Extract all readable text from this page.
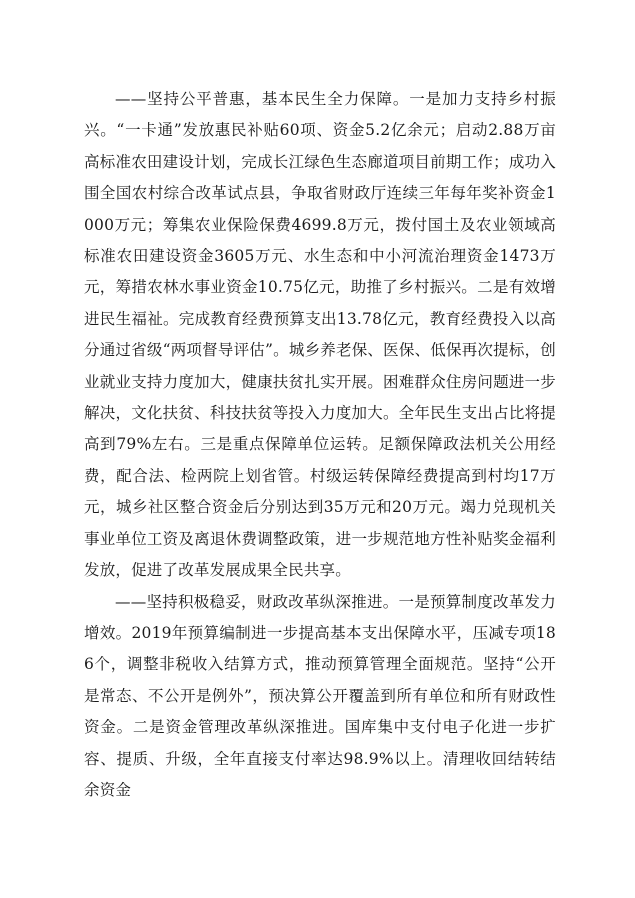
——坚持公平普惠，基本民生全力保障。一是加力支持乡村振兴。“一卡通”发放惠民补贴60项、资金5.2亿余元；启动2.88万亩高标准农田建设计划，完成长江绿色生态廊道项目前期工作；成功入围全国农村综合改革试点县，争取省财政厅连续三年每年奖补资金1000万元；筹集农业保险保费4699.8万元，拨付国土及农业领域高标准农田建设资金3605万元、水生态和中小河流治理资金1473万元，筹措农林水事业资金10.75亿元，助推了乡村振兴。二是有效增进民生福祉。完成教育经费预算支出13.78亿元，教育经费投入以高分通过省级“两项督导评估”。城乡养老保、医保、低保再次提标，创业就业支持力度加大，健康扶贫扎实开展。困难群众住房问题进一步解决，文化扶贫、科技扶贫等投入力度加大。全年民生支出占比将提高到79%左右。三是重点保障单位运转。足额保障政法机关公用经费，配合法、检两院上划省管。村级运转保障经费提高到村均17万元，城乡社区整合资金后分别达到35万元和20万元。竭力兑现机关事业单位工资及离退休费调整政策，进一步规范地方性补贴奖金福利发放，促进了改革发展成果全民共享。

——坚持积极稳妥，财政改革纵深推进。一是预算制度改革发力增效。2019年预算编制进一步提高基本支出保障水平，压减专项186个，调整非税收入结算方式，推动预算管理全面规范。坚持“公开是常态、不公开是例外”，预决算公开覆盖到所有单位和所有财政性资金。二是资金管理改革纵深推进。国库集中支付电子化进一步扩容、提质、升级，全年直接支付率达98.9%以上。清理收回结转结余资金
